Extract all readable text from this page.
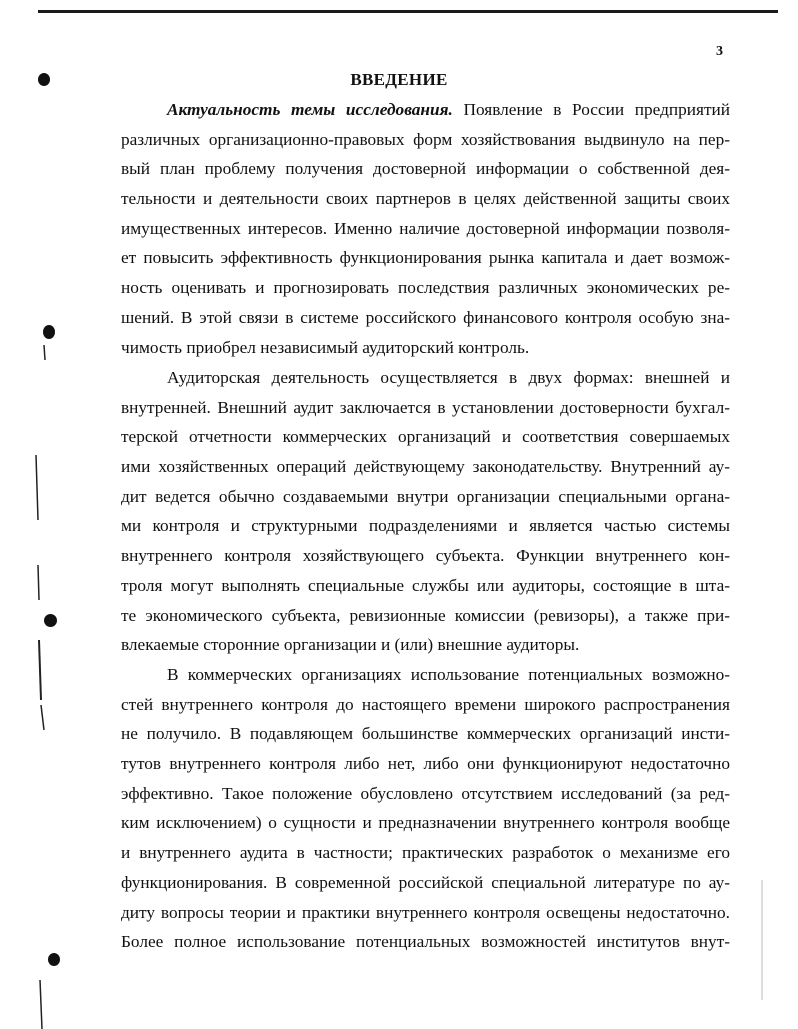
3
ВВЕДЕНИЕ
Актуальность темы исследования. Появление в России предприятий
различных организационно-правовых форм хозяйствования выдвинуло на пер-
вый план проблему получения достоверной информации о собственной дея-
тельности и деятельности своих партнеров в целях действенной защиты своих
имущественных интересов. Именно наличие достоверной информации позволя-
ет повысить эффективность функционирования рынка капитала и дает возмож-
ность оценивать и прогнозировать последствия различных экономических ре-
шений. В этой связи в системе российского финансового контроля особую зна-
чимость приобрел независимый аудиторский контроль.
Аудиторская деятельность осуществляется в двух формах: внешней и
внутренней. Внешний аудит заключается в установлении достоверности бухгал-
терской отчетности коммерческих организаций и соответствия совершаемых
ими хозяйственных операций действующему законодательству. Внутренний ау-
дит ведется обычно создаваемыми внутри организации специальными органа-
ми контроля и структурными подразделениями и является частью системы
внутреннего контроля хозяйствующего субъекта. Функции внутреннего кон-
троля могут выполнять специальные службы или аудиторы, состоящие в шта-
те экономического субъекта, ревизионные комиссии (ревизоры), а также при-
влекаемые сторонние организации и (или) внешние аудиторы.
В коммерческих организациях использование потенциальных возможно-
стей внутреннего контроля до настоящего времени широкого распространения
не получило. В подавляющем большинстве коммерческих организаций инсти-
тутов внутреннего контроля либо нет, либо они функционируют недостаточно
эффективно. Такое положение обусловлено отсутствием исследований (за ред-
ким исключением) о сущности и предназначении внутреннего контроля вообще
и внутреннего аудита в частности; практических разработок о механизме его
функционирования. В современной российской специальной литературе по ау-
диту вопросы теории и практики внутреннего контроля освещены недостаточно.
Более полное использование потенциальных возможностей институтов внут-
